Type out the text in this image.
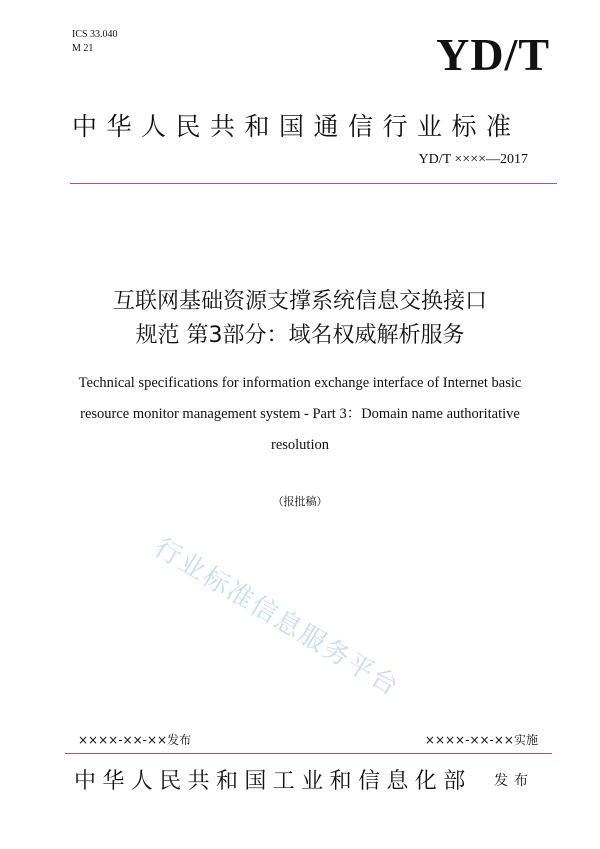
ICS 33.040
M 21	YD/T
中华人民共和国通信行业标准
YD/T ××××—2017
互联网基础资源支撑系统信息交换接口
规范 第3部分：域名权威解析服务
Technical specifications for information exchange interface of Internet basic
resource monitor management system - Part 3：Domain name authoritative
resolution
（报批稿）
行业标准信息服务平台
××××-××-××发布	××××-××-××实施
中华人民共和国工业和信息化部 发布
